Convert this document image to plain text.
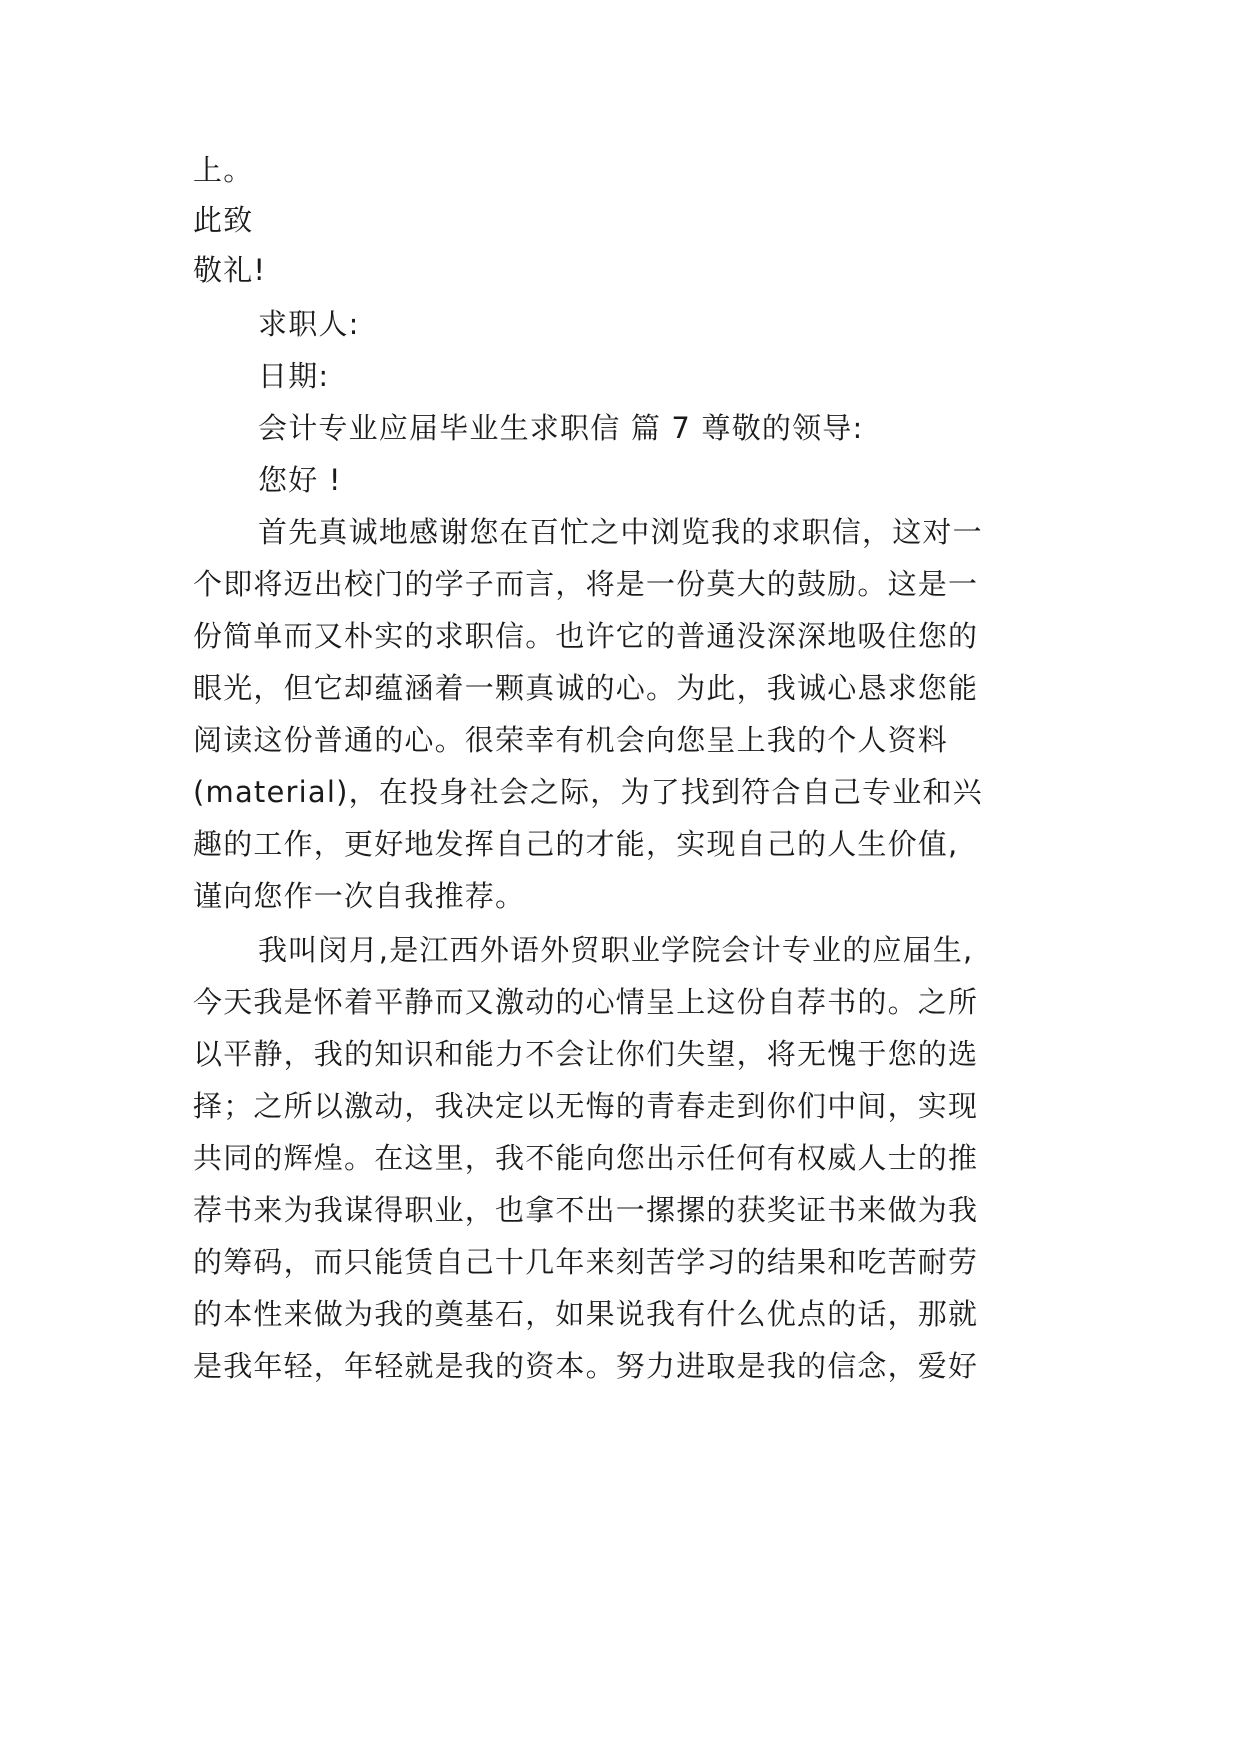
上。
此致
敬礼!
求职人:
日期:
会计专业应届毕业生求职信 篇 7 尊敬的领导:
您好 !
首先真诚地感谢您在百忙之中浏览我的求职信，这对一
个即将迈出校门的学子而言，将是一份莫大的鼓励。这是一
份简单而又朴实的求职信。也许它的普通没深深地吸住您的
眼光，但它却蕴涵着一颗真诚的心。为此，我诚心恳求您能
阅读这份普通的心。很荣幸有机会向您呈上我的个人资料
(material)，在投身社会之际，为了找到符合自己专业和兴
趣的工作，更好地发挥自己的才能，实现自己的人生价值,
谨向您作一次自我推荐。
我叫闵月,是江西外语外贸职业学院会计专业的应届生,
今天我是怀着平静而又激动的心情呈上这份自荐书的。之所
以平静，我的知识和能力不会让你们失望，将无愧于您的选
择；之所以激动，我决定以无悔的青春走到你们中间，实现
共同的辉煌。在这里，我不能向您出示任何有权威人士的推
荐书来为我谋得职业，也拿不出一摞摞的获奖证书来做为我
的筹码，而只能赁自己十几年来刻苦学习的结果和吃苦耐劳
的本性来做为我的奠基石，如果说我有什么优点的话，那就
是我年轻，年轻就是我的资本。努力进取是我的信念，爱好
